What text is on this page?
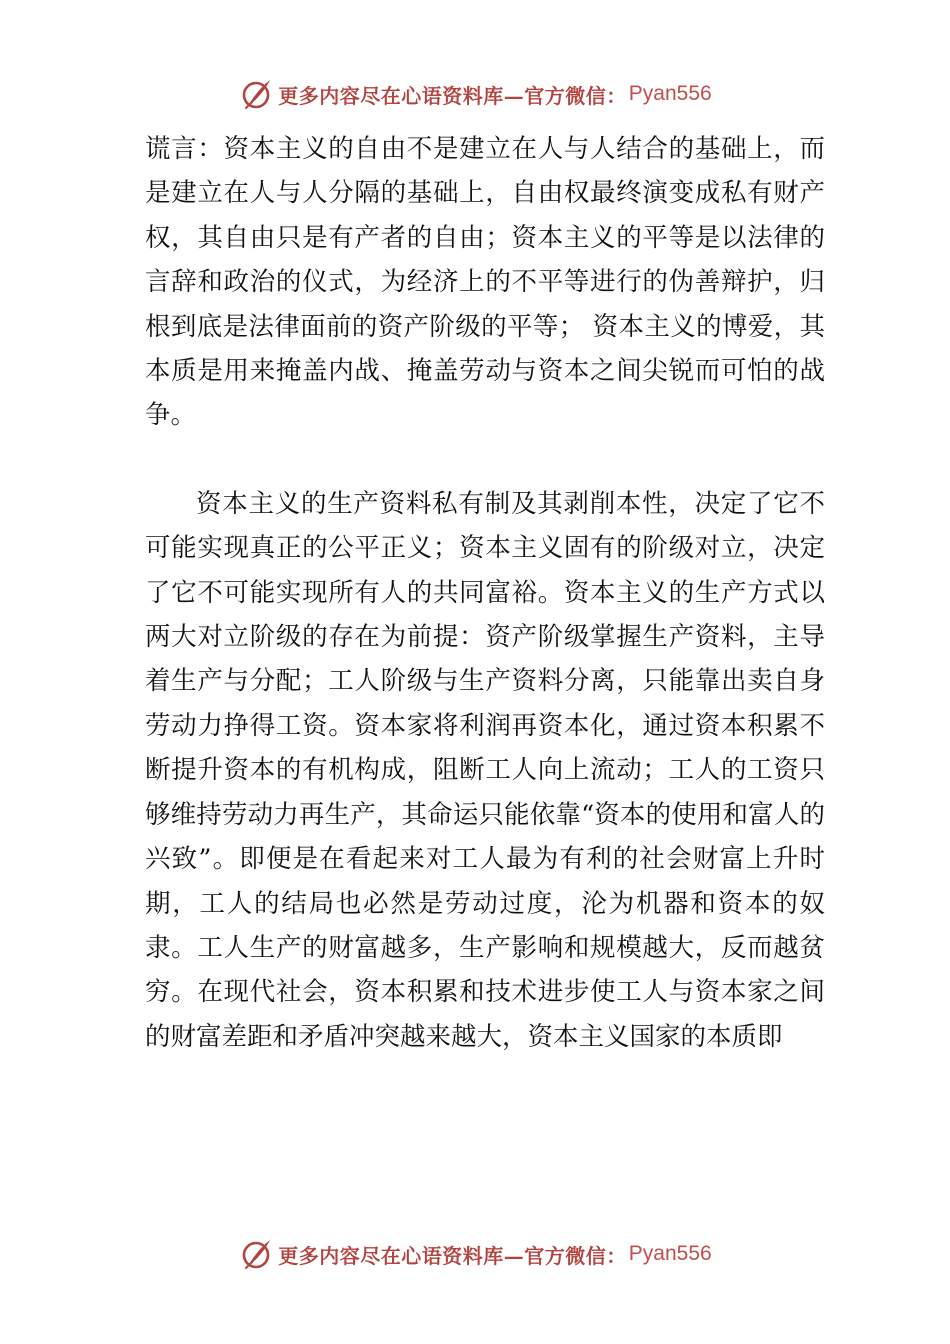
更多内容尽在心语资料库—官方微信： Pyan556

谎言：资本主义的自由不是建立在人与人结合的基础上，而是建立在人与人分隔的基础上，自由权最终演变成私有财产权，其自由只是有产者的自由；资本主义的平等是以法律的言辞和政治的仪式，为经济上的不平等进行的伪善辩护，归根到底是法律面前的资产阶级的平等； 资本主义的博爱，其本质是用来掩盖内战、掩盖劳动与资本之间尖锐而可怕的战争。

资本主义的生产资料私有制及其剥削本性，决定了它不可能实现真正的公平正义；资本主义固有的阶级对立，决定了它不可能实现所有人的共同富裕。资本主义的生产方式以两大对立阶级的存在为前提：资产阶级掌握生产资料，主导着生产与分配；工人阶级与生产资料分离，只能靠出卖自身劳动力挣得工资。资本家将利润再资本化，通过资本积累不断提升资本的有机构成，阻断工人向上流动；工人的工资只够维持劳动力再生产，其命运只能依靠“资本的使用和富人的兴致”。即便是在看起来对工人最为有利的社会财富上升时期，工人的结局也必然是劳动过度，沦为机器和资本的奴隶。工人生产的财富越多，生产影响和规模越大，反而越贫穷。在现代社会，资本积累和技术进步使工人与资本家之间的财富差距和矛盾冲突越来越大，资本主义国家的本质即

更多内容尽在心语资料库—官方微信： Pyan556
